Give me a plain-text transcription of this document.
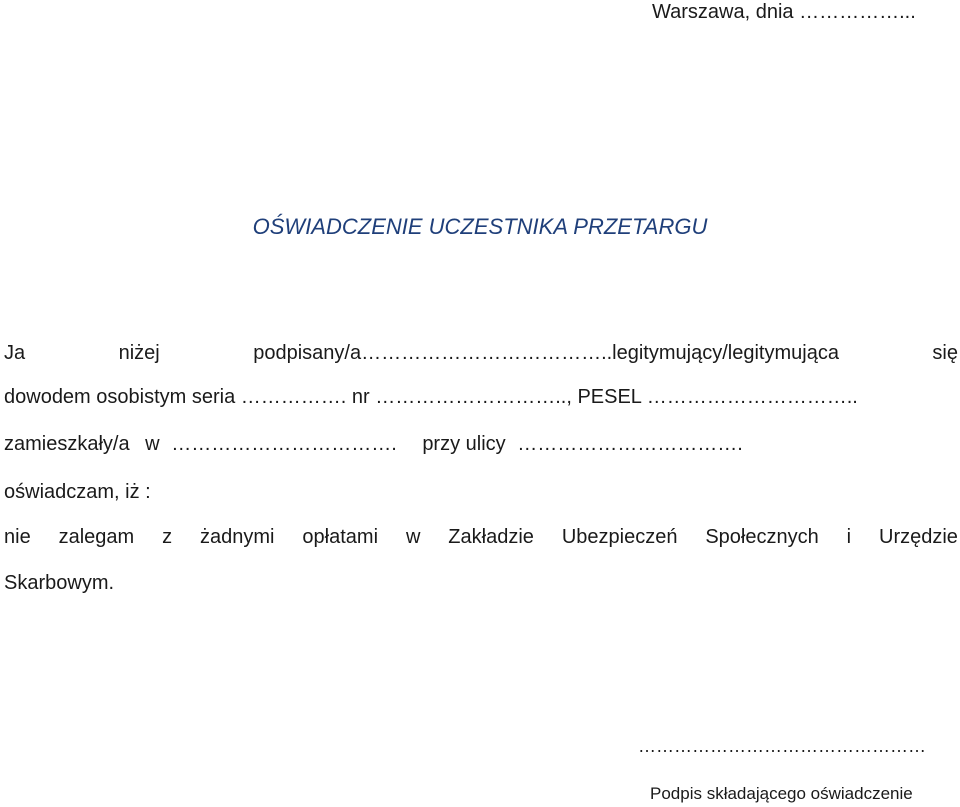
Warszawa, dnia ……………...
OŚWIADCZENIE UCZESTNIKA PRZETARGU
Ja	niżej	podpisany/a………………………………..legitymujący/legitymująca	się
dowodem osobistym seria ……………. nr ……………………….., PESEL …………………………..
zamieszkały/a w ……………………………. przy ulicy …………………………….
oświadczam, iż :
nie zalegam z żadnymi opłatami w Zakładzie Ubezpieczeń Społecznych i Urzędzie
Skarbowym.
…………………………………………
Podpis składającego oświadczenie
